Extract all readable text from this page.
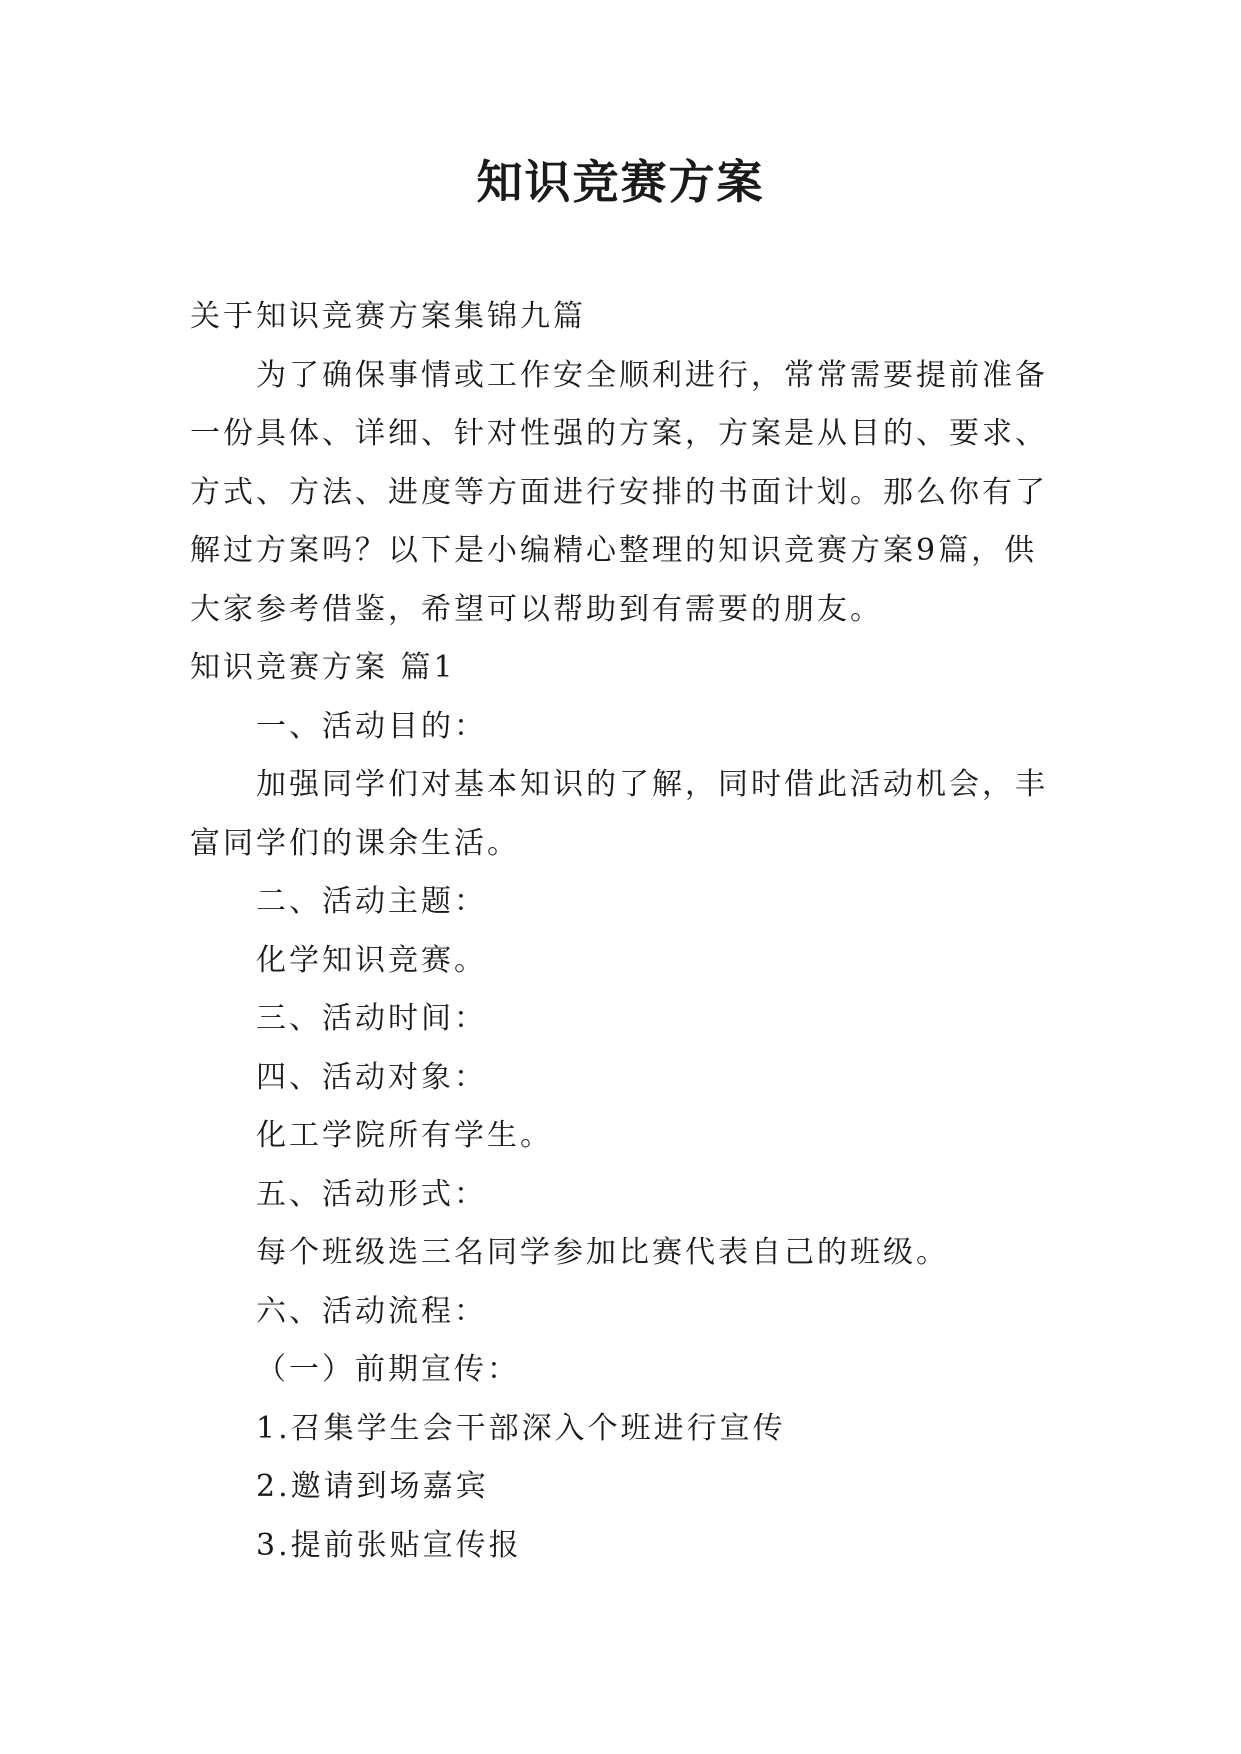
知识竞赛方案

关于知识竞赛方案集锦九篇

为了确保事情或工作安全顺利进行，常常需要提前准备一份具体、详细、针对性强的方案，方案是从目的、要求、方式、方法、进度等方面进行安排的书面计划。那么你有了解过方案吗？以下是小编精心整理的知识竞赛方案9篇，供大家参考借鉴，希望可以帮助到有需要的朋友。

知识竞赛方案 篇1

一、活动目的：

加强同学们对基本知识的了解，同时借此活动机会，丰富同学们的课余生活。

二、活动主题：

化学知识竞赛。

三、活动时间：

四、活动对象：

化工学院所有学生。

五、活动形式：

每个班级选三名同学参加比赛代表自己的班级。

六、活动流程：

（一）前期宣传：

1.召集学生会干部深入个班进行宣传

2.邀请到场嘉宾

3.提前张贴宣传报
